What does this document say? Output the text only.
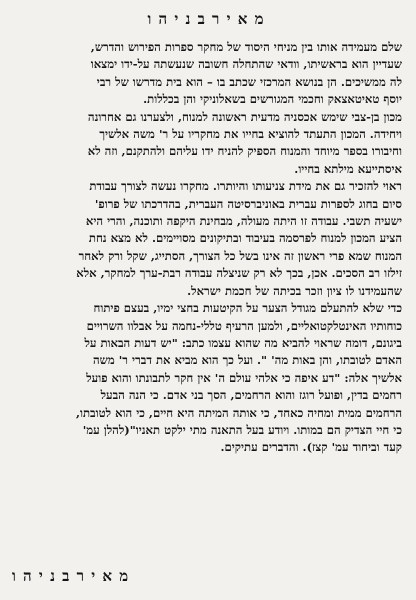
מ א י ר ב נ י ה ו

שלם מעמידה אותו בין מניחי היסוד של מחקר ספרות הפירוש והדרש,
שעדיין הוא בראשיתו, וודאי שהתחלה חשובה שנעשתה על-ידו ימצאו
לה ממשיכים. הן בנושא המרכזי שכתב בו – הוא בית מדרשו של רבי
יוסף טאיטאצאק וחכמי המגורשים בשאלוניקי והן בכללות.

מכון בן-צבי שימש אכסניה מדעית ראשונה למנוח, ולצערנו גם אחרונה
ויחידה. המכון התעתד להוציא בחייו את מחקריו על ר' משה אלשיך
וחיבורו בספר מיוחד והמנוח הספיק להניח ידו עליהם ולהתקנם, וזה לא
איסתייעא מילתא בחייו.

ראוי להזכיר גם את מידת צניעותו והיותרו. מחקרו נעשה לצורך עבודת
סיום בחוג לספרות עברית באוניברסיטה העברית, בהדרכתו של פרופ'
ישעיה תשבי. עבודה זו היתה מעולה, מבחינת היקפה ותוכנה, והרי היא
הציע המכון למנוח לפרסמה בעיבוד ובתיקונים מסויימים. לא מצא נחת
המנוח שמא פרי ראשון זה אינו בשל כל הצורך, הסתייג, שקל ורק לאחר
זילזו רב הסכים. אכן, בכך לא רק שניצלה עבודה רבת-ערך למחקר, אלא
שהעמידנו לו ציון וזכר בכיתה של חכמת ישראל.

כדי שלא להתעלם מגודל הצער על הקיטעות בחצי ימיו, בעצם פיתוח
כוחותיו האינטלקטואליים, ולמען הרעיף טללי-נחמה על אבלוו השרויים
ביגונם, דומה שראוי להביא מה שהוא עצמו כתב: "יש דעות הבאות על
האדם לטובתו, והן באות מה' ". ועל כך הוא מביא את דברי ר' משה
אלשיך אלה: "דע איפה כי אלהי עולם ה' אין חקר לתבונתו והוא פועל
רחמים בדין, ופועל רוגז והוא הרחמים, הסך בני אדם. כי הנה הבעל
הרחמים ממית ומחיה כאחד, כי אותה המיתה היא חיים, כי הוא לטובתו,
כי חיי הצדיק הם במותו. ויודע בעל התאנה מתי ילקט תאניו"(להלן עמ'
קעד וביחוד עמ' קצז). והדברים עתיקים.

מ א י ר ב נ י ה ו
